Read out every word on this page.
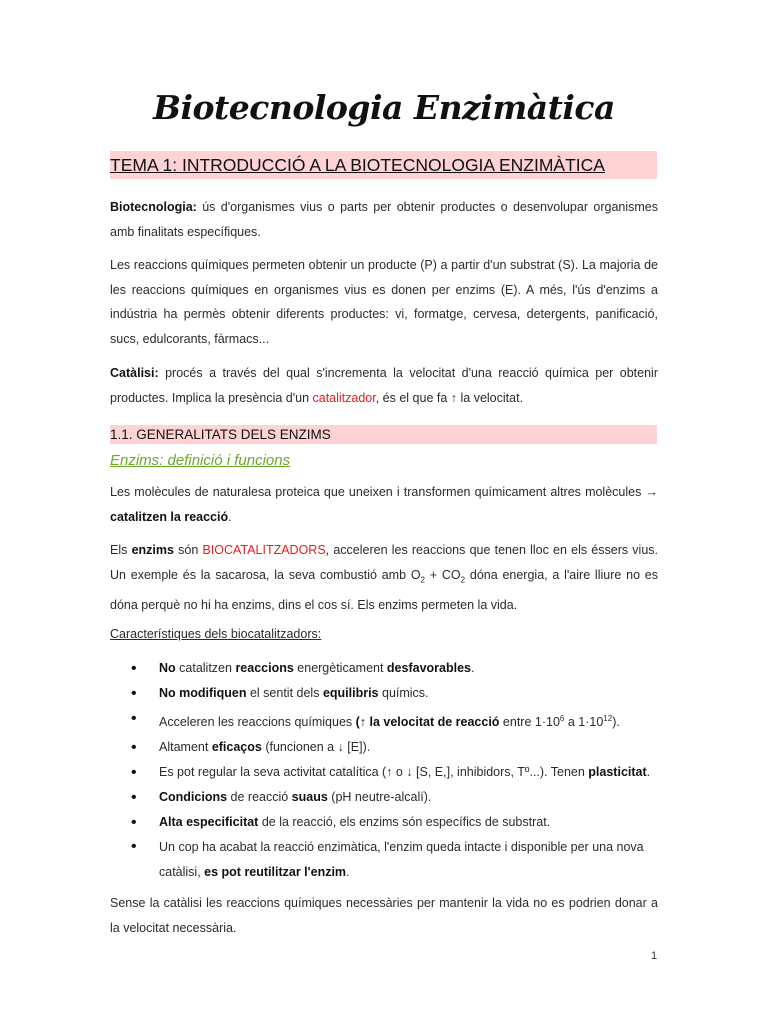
Biotecnologia Enzimàtica
TEMA 1: INTRODUCCIÓ A LA BIOTECNOLOGIA ENZIMÀTICA
Biotecnologia: ús d'organismes vius o parts per obtenir productes o desenvolupar organismes amb finalitats específiques.
Les reaccions químiques permeten obtenir un producte (P) a partir d'un substrat (S). La majoria de les reaccions químiques en organismes vius es donen per enzims (E). A més, l'ús d'enzims a indústria ha permès obtenir diferents productes: vi, formatge, cervesa, detergents, panificació, sucs, edulcorants, fàrmacs...
Catàlisi: procés a través del qual s'incrementa la velocitat d'una reacció química per obtenir productes. Implica la presència d'un catalitzador, és el que fa ↑ la velocitat.
1.1. GENERALITATS DELS ENZIMS
Enzims: definició i funcions
Les molècules de naturalesa proteica que uneixen i transformen químicament altres molècules → catalitzen la reacció.
Els enzims són BIOCATALITZADORS, acceleren les reaccions que tenen lloc en els éssers vius. Un exemple és la sacarosa, la seva combustió amb $O_2 + CO_2$ dóna energia, a l'aire lliure no es dóna perquè no hi ha enzims, dins el cos sí. Els enzims permeten la vida.
Característiques dels biocatalitzadors:
• No catalitzen reaccions energèticament desfavorables.
• No modifiquen el sentit dels equilibris químics.
• Acceleren les reaccions químiques (↑ la velocitat de reacció entre $1\cdot 10^6$ a $1\cdot 10^{12}$).
• Altament eficaços (funcionen a ↓ [E]).
• Es pot regular la seva activitat catalítica (↑ o ↓ [S, E,], inhibidors, Tº...). Tenen plasticitat.
• Condicions de reacció suaus (pH neutre-alcalí).
• Alta especificitat de la reacció, els enzims són específics de substrat.
• Un cop ha acabat la reacció enzimàtica, l'enzim queda intacte i disponible per una nova catàlisi, es pot reutilitzar l'enzim.
Sense la catàlisi les reaccions químiques necessàries per mantenir la vida no es podrien donar a la velocitat necessària.
1
